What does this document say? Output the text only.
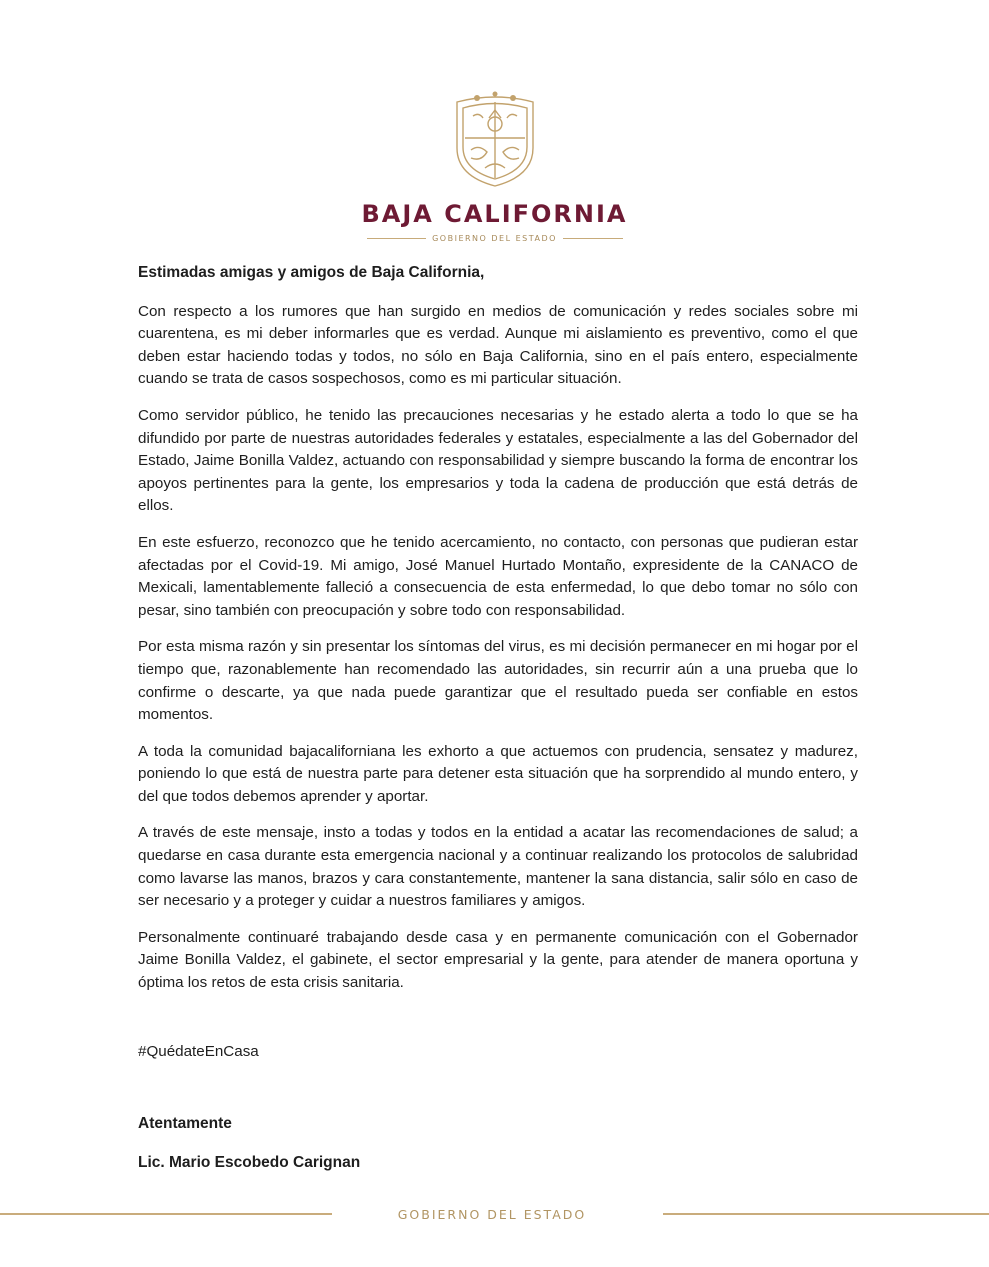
BAJA CALIFORNIA
GOBIERNO DEL ESTADO

Estimadas amigas y amigos de Baja California,

Con respecto a los rumores que han surgido en medios de comunicación y redes sociales sobre mi cuarentena, es mi deber informarles que es verdad. Aunque mi aislamiento es preventivo, como el que deben estar haciendo todas y todos, no sólo en Baja California, sino en el país entero, especialmente cuando se trata de casos sospechosos, como es mi particular situación.

Como servidor público, he tenido las precauciones necesarias y he estado alerta a todo lo que se ha difundido por parte de nuestras autoridades federales y estatales, especialmente a las del Gobernador del Estado, Jaime Bonilla Valdez, actuando con responsabilidad y siempre buscando la forma de encontrar los apoyos pertinentes para la gente, los empresarios y toda la cadena de producción que está detrás de ellos.

En este esfuerzo, reconozco que he tenido acercamiento, no contacto, con personas que pudieran estar afectadas por el Covid-19. Mi amigo, José Manuel Hurtado Montaño, expresidente de la CANACO de Mexicali, lamentablemente falleció a consecuencia de esta enfermedad, lo que debo tomar no sólo con pesar, sino también con preocupación y sobre todo con responsabilidad.

Por esta misma razón y sin presentar los síntomas del virus, es mi decisión permanecer en mi hogar por el tiempo que, razonablemente han recomendado las autoridades, sin recurrir aún a una prueba que lo confirme o descarte, ya que nada puede garantizar que el resultado pueda ser confiable en estos momentos.

A toda la comunidad bajacaliforniana les exhorto a que actuemos con prudencia, sensatez y madurez, poniendo lo que está de nuestra parte para detener esta situación que ha sorprendido al mundo entero, y del que todos debemos aprender y aportar.

A través de este mensaje, insto a todas y todos en la entidad a acatar las recomendaciones de salud; a quedarse en casa durante esta emergencia nacional y a continuar realizando los protocolos de salubridad como lavarse las manos, brazos y cara constantemente, mantener la sana distancia, salir sólo en caso de ser necesario y a proteger y cuidar a nuestros familiares y amigos.

Personalmente continuaré trabajando desde casa y en permanente comunicación con el Gobernador Jaime Bonilla Valdez, el gabinete, el sector empresarial y la gente, para atender de manera oportuna y óptima los retos de esta crisis sanitaria.

#QuédateEnCasa
Atentamente
Lic. Mario Escobedo Carignan
GOBIERNO DEL ESTADO
